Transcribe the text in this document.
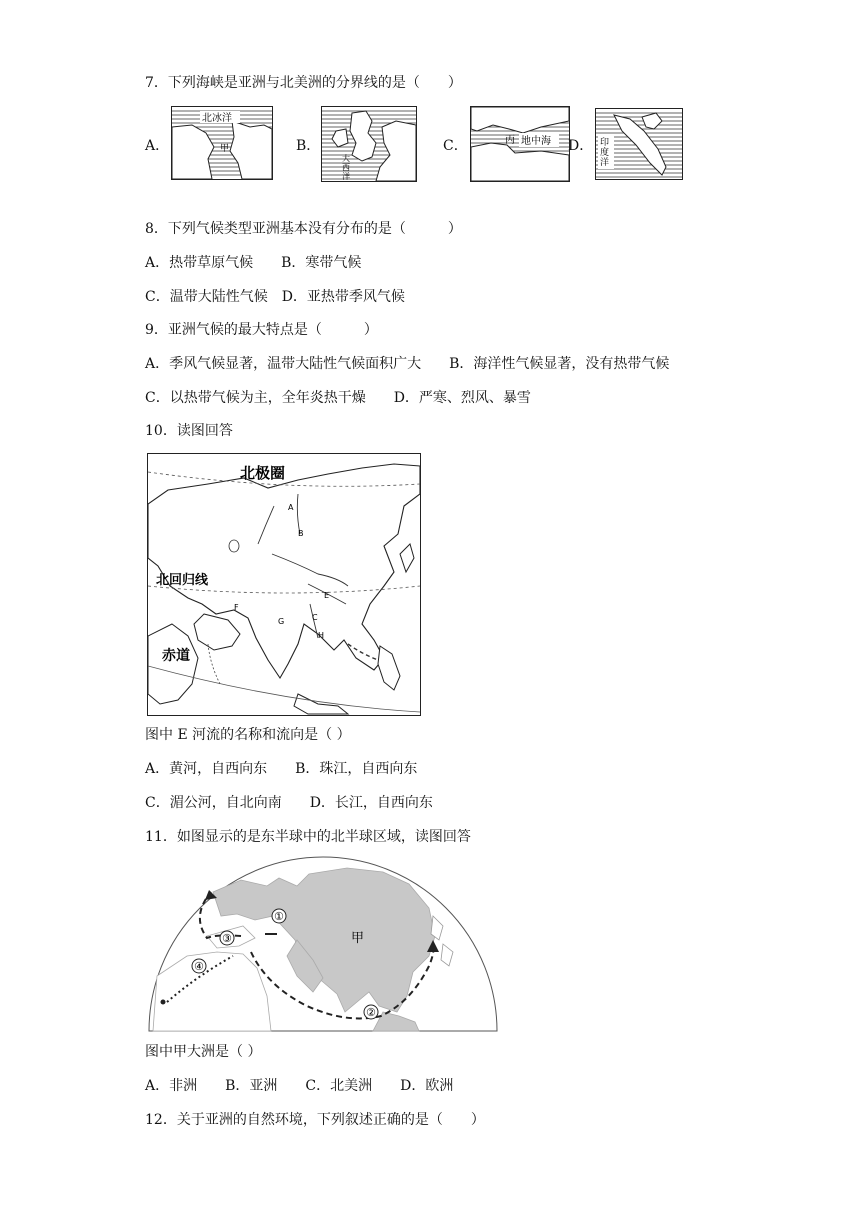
7．下列海峡是亚洲与北美洲的分界线的是（　　）
A．
北冰洋
甲	B．
大
西
洋
C．	丙 地中海 D． 印
度
洋
8．下列气候类型亚洲基本没有分布的是（　　　）
A．热带草原气候　　B．寒带气候
C．温带大陆性气候　D．亚热带季风气候
9．亚洲气候的最大特点是（　　　）
A．季风气候显著，温带大陆性气候面积广大　　B．海洋性气候显著，没有热带气候
C．以热带气候为主，全年炎热干燥　　D．严寒、烈风、暴雪
10．读图回答
北极圈
北回归线
赤道
A
B
C
E
F
G
H
图中 E 河流的名称和流向是（ ）
A．黄河，自西向东　　B．珠江，自西向东
C．湄公河，自北向南　　D．长江，自西向东
11．如图显示的是东半球中的北半球区域，读图回答
①
②
③
④
甲
图中甲大洲是（ ）
A．非洲　　B．亚洲　　C．北美洲　　D．欧洲
12．关于亚洲的自然环境，下列叙述正确的是（　　）
